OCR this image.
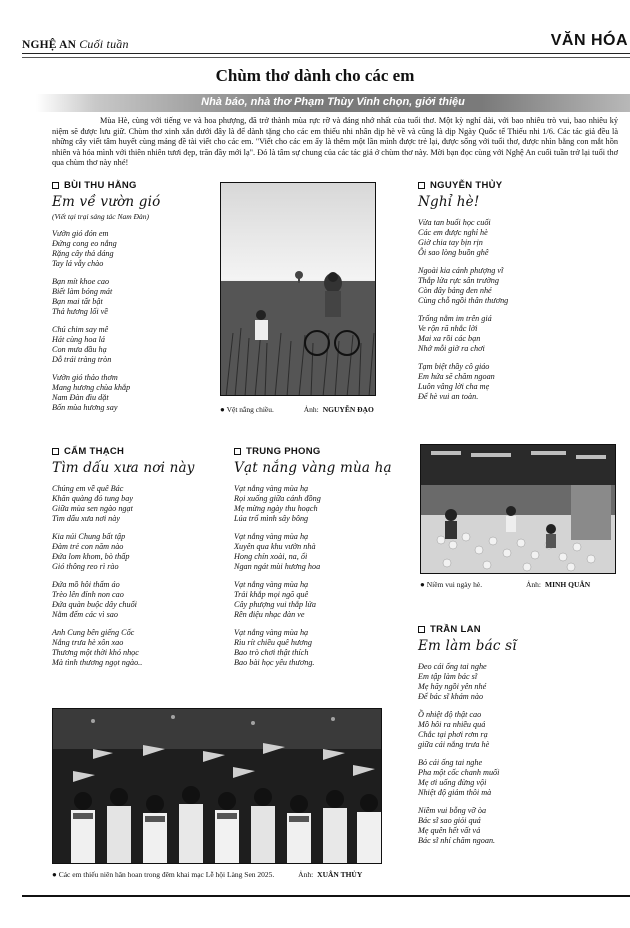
NGHỆ AN Cuối tuần	VĂN HÓA
Chùm thơ dành cho các em
Nhà báo, nhà thơ Phạm Thùy Vinh chọn, giới thiệu
Mùa Hè, cùng với tiếng ve và hoa phượng, đã trở thành mùa rực rỡ và đáng nhớ nhất của tuổi thơ. Một kỳ nghỉ dài, với bao nhiêu trò vui, bao nhiêu kỷ niệm sẽ được lưu giữ. Chùm thơ xinh xắn dưới đây là để dành tặng cho các em thiếu nhi nhân dịp hè về và cũng là dịp Ngày Quốc tế Thiếu nhi 1/6. Các tác giả đều là những cây viết tâm huyết cùng mảng đề tài viết cho các em. "Viết cho các em ấy là thêm một lần mình được trẻ lại, được sống với tuổi thơ, được nhìn bằng con mắt hồn nhiên và hóa mình với thiên nhiên tươi đẹp, trăn đầy mới lạ". Đó là tâm sự chung của các tác giả ở chùm thơ này. Mời bạn đọc cùng với Nghệ An cuối tuần trở lại tuổi thơ qua chùm thơ này nhé!
BÙI THU HẰNG
Em về vườn gió
(Viết tại trại sáng tác Nam Đàn)
Vườn gió đón em
Đứng cong eo nắng
Rặng cây thả dáng
Tay lá vẫy chào
Bạn mít khoe cao
Biết làm bóng mát
Bạn mai tất bật
Thả hương lối về
Chú chim say mê
Hát cùng hoa lá
Con mưa đầu hạ
Dỗ trái tràng tròn
Vườn gió thảo thơm
Mang hương chùa khắp
Nam Đàn đìu dặt
Bốn mùa hương say
NGUYỄN THỦY
Nghỉ hè!
Vừa tan buổi học cuối
Các em được nghỉ hè
Giờ chia tay bịn rịn
Ôi sao lòng buồn ghê
Ngoài kia cánh phượng vĩ
Thắp lửa rực sân trường
Còn đây bảng đen nhé
Cùng chỗ ngồi thân thương
Trống nằm im trên giá
Ve rộn rã nhắc lời
Mai xa rồi các bạn
Nhớ mỗi giờ ra chơi
Tạm biệt thầy cô giáo
Em hứa sẽ chăm ngoan
Luôn vâng lời cha mẹ
Để hè vui an toàn.
CẨM THẠCH
Tìm dấu xưa nơi này
Chúng em về quê Bác
Khăn quàng đỏ tung bay
Giữa mùa sen ngào ngạt
Tìm dấu xưa nơi này
Kia núi Chung bất tập
Đàm trẻ con năm nào
Đứa lom khom, bò thấp
Gió thông reo rì rào
Đứa mồ hôi thấm áo
Trèo lên đỉnh non cao
Đứa quàn buộc dây chuối
Nằm đếm các vì sao
Anh Cung bên giếng Cốc
Nắng trưa hè xôn xao
Thương một thời khó nhọc
Mà tình thương ngọt ngào..
TRUNG PHONG
Vạt nắng vàng mùa hạ
Vạt nắng vàng mùa hạ
Rọi xuống giữa cánh đồng
Mẹ mừng ngày thu hoạch
Lúa trổ mình sây bông
Vạt nắng vàng mùa hạ
Xuyên qua khu vườn nhà
Hong chín xoài, na, ổi
Ngan ngát mùi hương hoa
Vạt nắng vàng mùa hạ
Trải khắp mọi ngõ quê
Cây phượng vui thắp lửa
Rền điệu nhạc đàn ve
Vạt nắng vàng mùa hạ
Rìu rít chiều quê hương
Bao trò chơi thật thích
Bao bài học yêu thương.
TRẦN LAN
Em làm bác sĩ
Đeo cái ống tai nghe
Em tập làm bác sĩ
Mẹ hãy ngồi yên nhé
Để bác sĩ khám nào
Ồ nhiệt độ thật cao
Mồ hôi ra nhiều quá
Chắc tại phơi rơm rạ
giữa cái nắng trưa hè
Bỏ cái ống tai nghe
Pha một cốc chanh muối
Mẹ ơi uống đừng vội
Nhiệt độ giảm thôi mà
Niềm vui bỗng vỡ òa
Bác sĩ sao giỏi quá
Mẹ quên hết vất vả
Bác sĩ nhí chăm ngoan.
● Vệt nắng chiều.	Ảnh: NGUYỄN ĐẠO
● Niềm vui ngày hè.	Ảnh: MINH QUÂN
● Các em thiếu niên hân hoan trong đêm khai mạc Lễ hội Làng Sen 2025.	Ảnh: XUÂN THỦY
